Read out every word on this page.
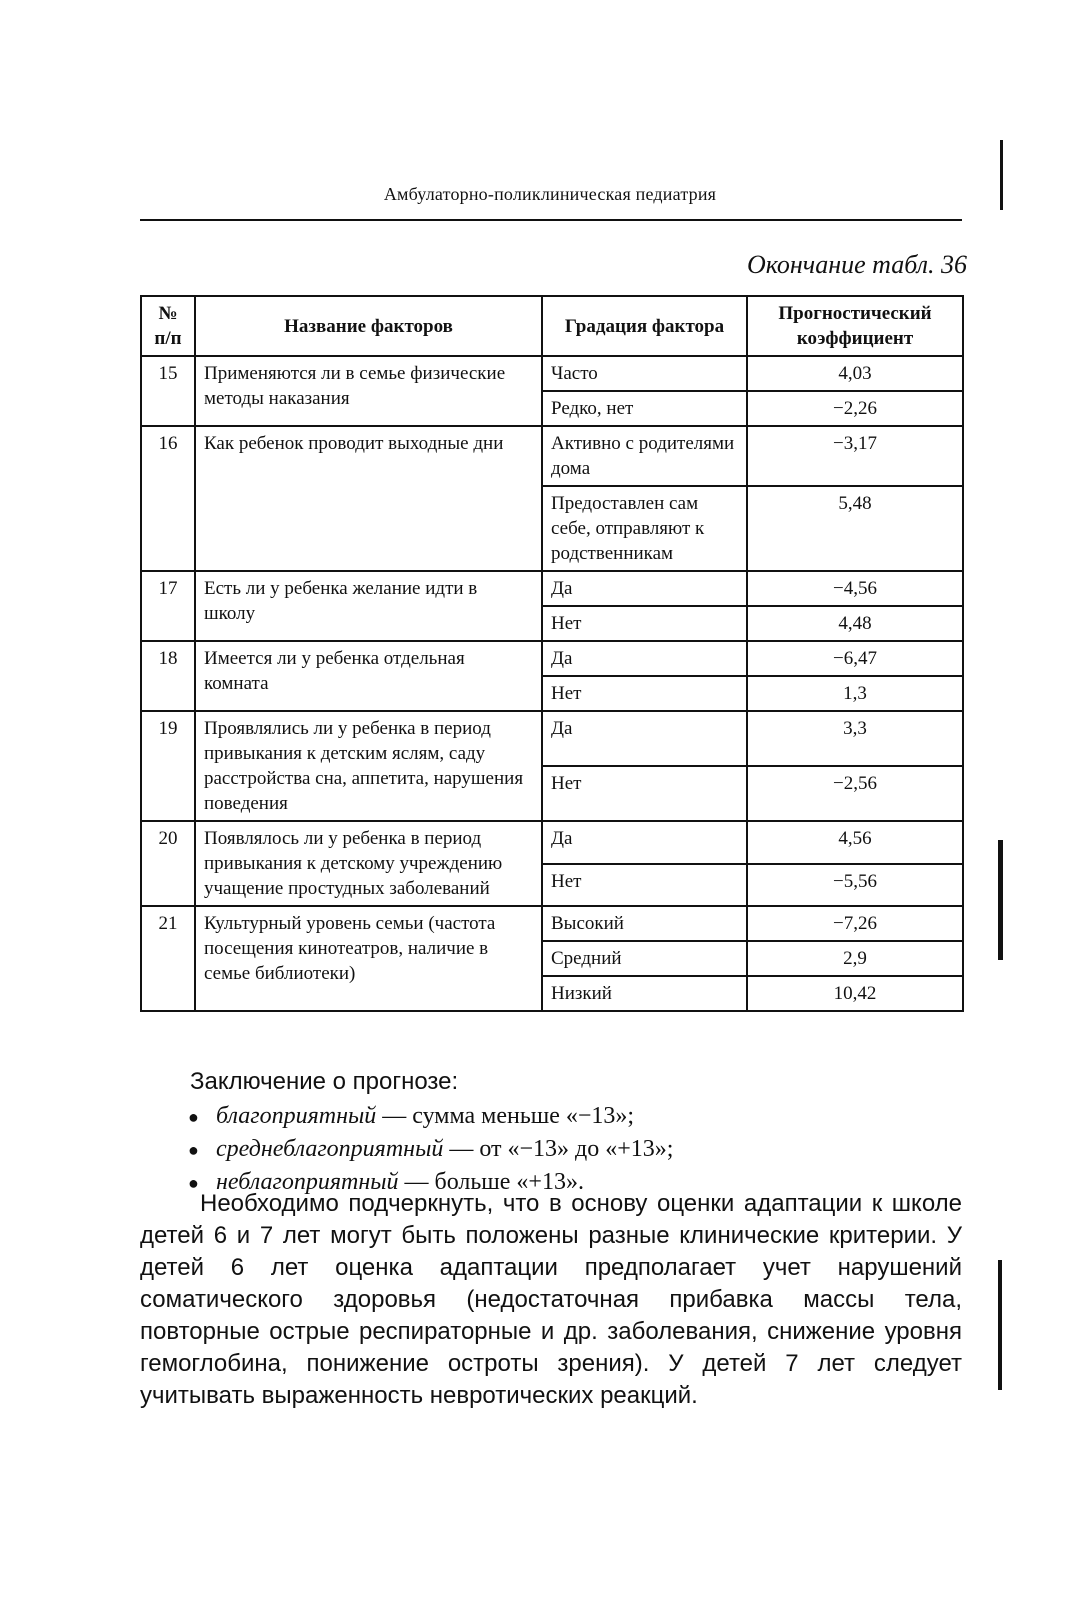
Амбулаторно-поликлиническая педиатрия
Окончание табл. 36
№ п/п	Название факторов	Градация фактора	Прогностический коэффициент
15	Применяются ли в семье физические методы наказания	Часто	4,03
		Редко, нет	−2,26
16	Как ребенок проводит выходные дни	Активно с родителями дома	−3,17
		Предоставлен сам себе, отправляют к родственникам	5,48
17	Есть ли у ребенка желание идти в школу	Да	−4,56
		Нет	4,48
18	Имеется ли у ребенка отдельная комната	Да	−6,47
		Нет	1,3
19	Проявлялись ли у ребенка в период привыкания к детским яслям, саду расстройства сна, аппетита, нарушения поведения	Да	3,3
		Нет	−2,56
20	Появлялось ли у ребенка в период привыкания к детскому учреждению учащение простудных заболеваний	Да	4,56
		Нет	−5,56
21	Культурный уровень семьи (частота посещения кинотеатров, наличие в семье библиотеки)	Высокий	−7,26
		Средний	2,9
		Низкий	10,42
Заключение о прогнозе:
● благоприятный — сумма меньше «−13»;
● среднеблагоприятный — от «−13» до «+13»;
● неблагоприятный — больше «+13».
Необходимо подчеркнуть, что в основу оценки адаптации к школе детей 6 и 7 лет могут быть положены разные клинические критерии. У детей 6 лет оценка адаптации предполагает учет нарушений соматического здоровья (недостаточная прибавка массы тела, повторные острые респираторные и др. заболевания, снижение уровня гемоглобина, понижение остроты зрения). У детей 7 лет следует учитывать выраженность невротических реакций.
